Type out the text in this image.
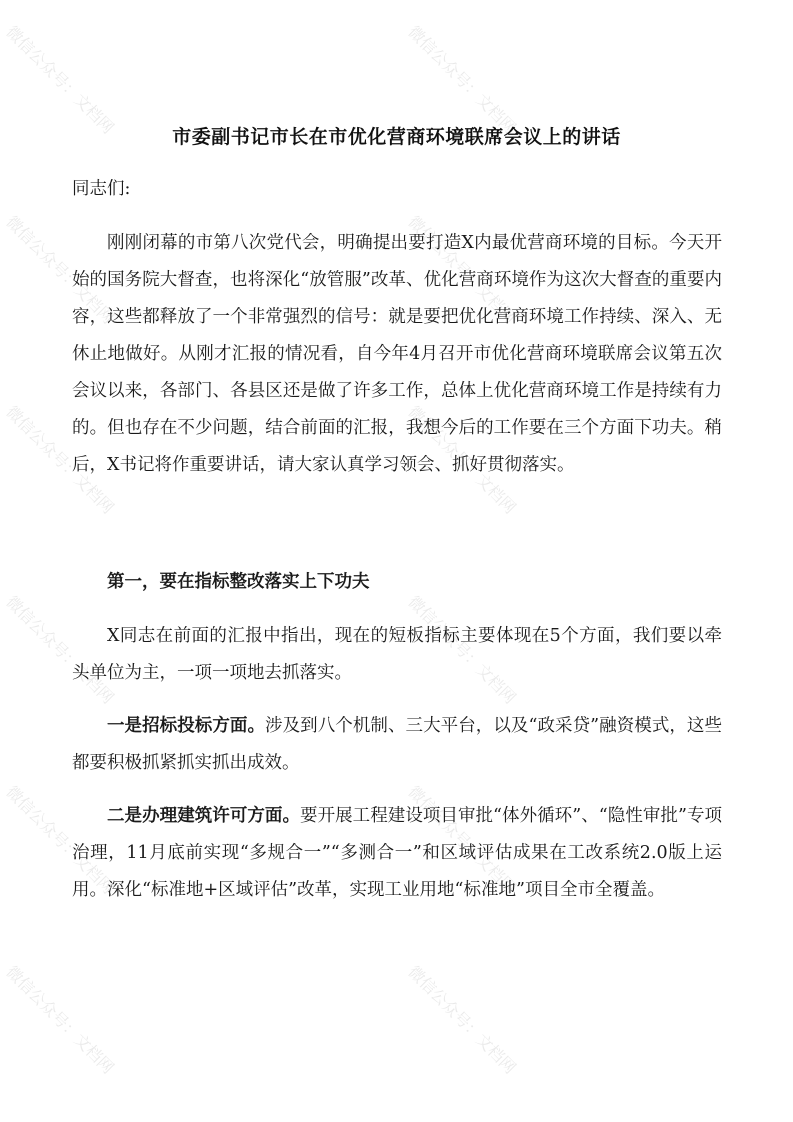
微信公众号：文档网	微信公众号：文档网
微信公众号：文档网	微信公众号：文档网
微信公众号：文档网	微信公众号：文档网
微信公众号：文档网	微信公众号：文档网
微信公众号：文档网	微信公众号：文档网
微信公众号：文档网	微信公众号：文档网
市委副书记市长在市优化营商环境联席会议上的讲话
同志们:

刚刚闭幕的市第八次党代会，明确提出要打造X内最优营商环境的目标。今天开始的国务院大督查，也将深化“放管服”改革、优化营商环境作为这次大督查的重要内容，这些都释放了一个非常强烈的信号：就是要把优化营商环境工作持续、深入、无休止地做好。从刚才汇报的情况看，自今年4月召开市优化营商环境联席会议第五次会议以来，各部门、各县区还是做了许多工作，总体上优化营商环境工作是持续有力的。但也存在不少问题，结合前面的汇报，我想今后的工作要在三个方面下功夫。稍后，X书记将作重要讲话，请大家认真学习领会、抓好贯彻落实。

第一，要在指标整改落实上下功夫

X同志在前面的汇报中指出，现在的短板指标主要体现在5个方面，我们要以牵头单位为主，一项一项地去抓落实。

一是招标投标方面。涉及到八个机制、三大平台，以及“政采贷”融资模式，这些都要积极抓紧抓实抓出成效。

二是办理建筑许可方面。要开展工程建设项目审批“体外循环”、“隐性审批”专项治理，11月底前实现“多规合一”“多测合一”和区域评估成果在工改系统2.0版上运用。深化“标准地+区域评估”改革，实现工业用地“标准地”项目全市全覆盖。
